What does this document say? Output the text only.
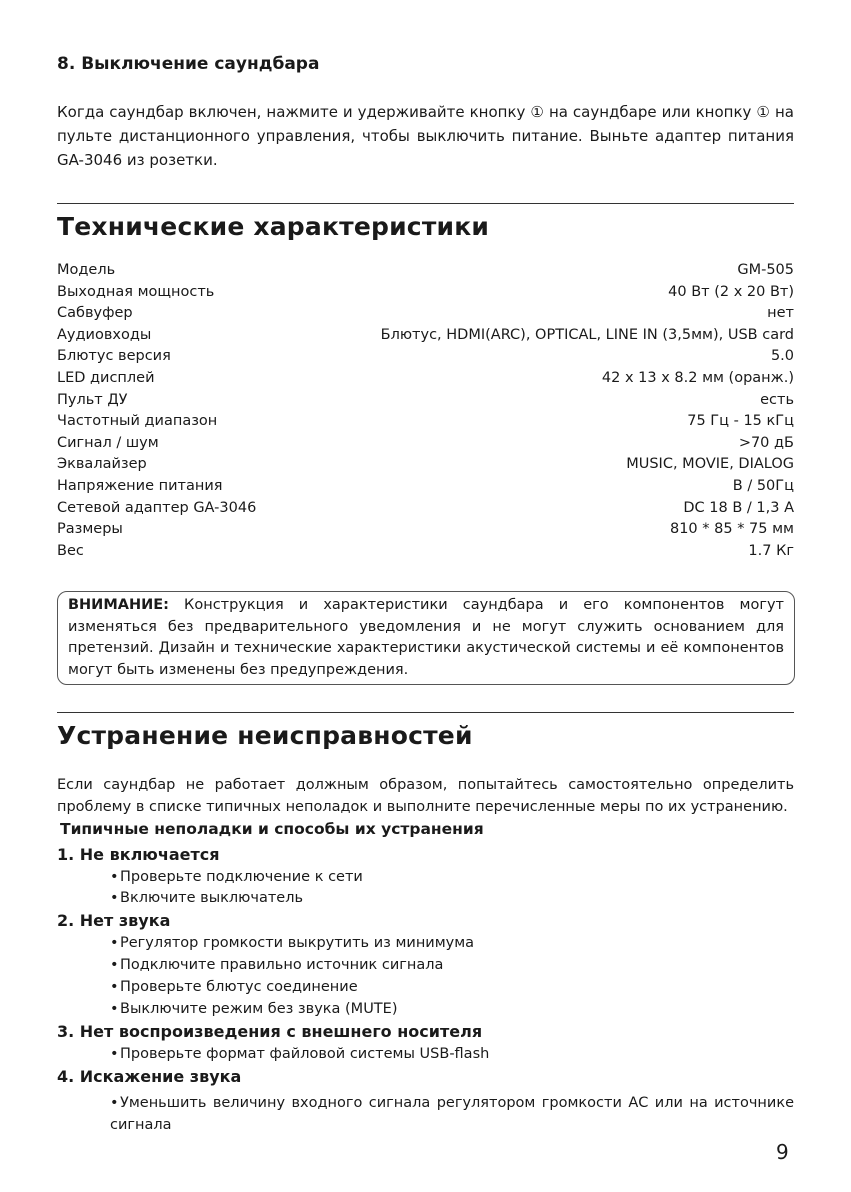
8. Выключение саундбара
Когда саундбар включен, нажмите и удерживайте кнопку ① на саундбаре или кнопку ① на пульте дистанционного управления, чтобы выключить питание. Выньте адаптер питания GA-3046 из розетки.
Технические характеристики
Модель	GM-505
Выходная мощность	40 Вт (2 х 20 Вт)
Сабвуфер	нет
Аудиовходы	Блютус, HDMI(ARC), OPTICAL, LINE IN (3,5мм), USB card
Блютус версия	5.0
LED дисплей	42 х 13 х 8.2 мм (оранж.)
Пульт ДУ	есть
Частотный диапазон	75 Гц - 15 кГц
Сигнал / шум	>70 дБ
Эквалайзер	MUSIC, MOVIE, DIALOG
Напряжение питания	В / 50Гц
Сетевой адаптер GA-3046	DC 18 В / 1,3 А
Размеры	810 * 85 * 75 мм
Вес	1.7 Кг
ВНИМАНИЕ: Конструкция и характеристики саундбара и его компонентов могут изменяться без предварительного уведомления и не могут служить основанием для претензий. Дизайн и технические характеристики акустической системы и её компонентов могут быть изменены без предупреждения.
Устранение неисправностей
Если саундбар не работает должным образом, попытайтесь самостоятельно определить проблему в списке типичных неполадок и выполните перечисленные меры по их устранению.
Типичные неполадки и способы их устранения
1. Не включается
•Проверьте подключение к сети
•Включите выключатель
2. Нет звука
•Регулятор громкости выкрутить из минимума
•Подключите правильно источник сигнала
•Проверьте блютус соединение
•Выключите режим без звука (MUTE)
3. Нет воспроизведения с внешнего носителя
•Проверьте формат файловой системы USB-flash
4. Искажение звука
•Уменьшить величину входного сигнала регулятором громкости АС или на источнике сигнала
9
